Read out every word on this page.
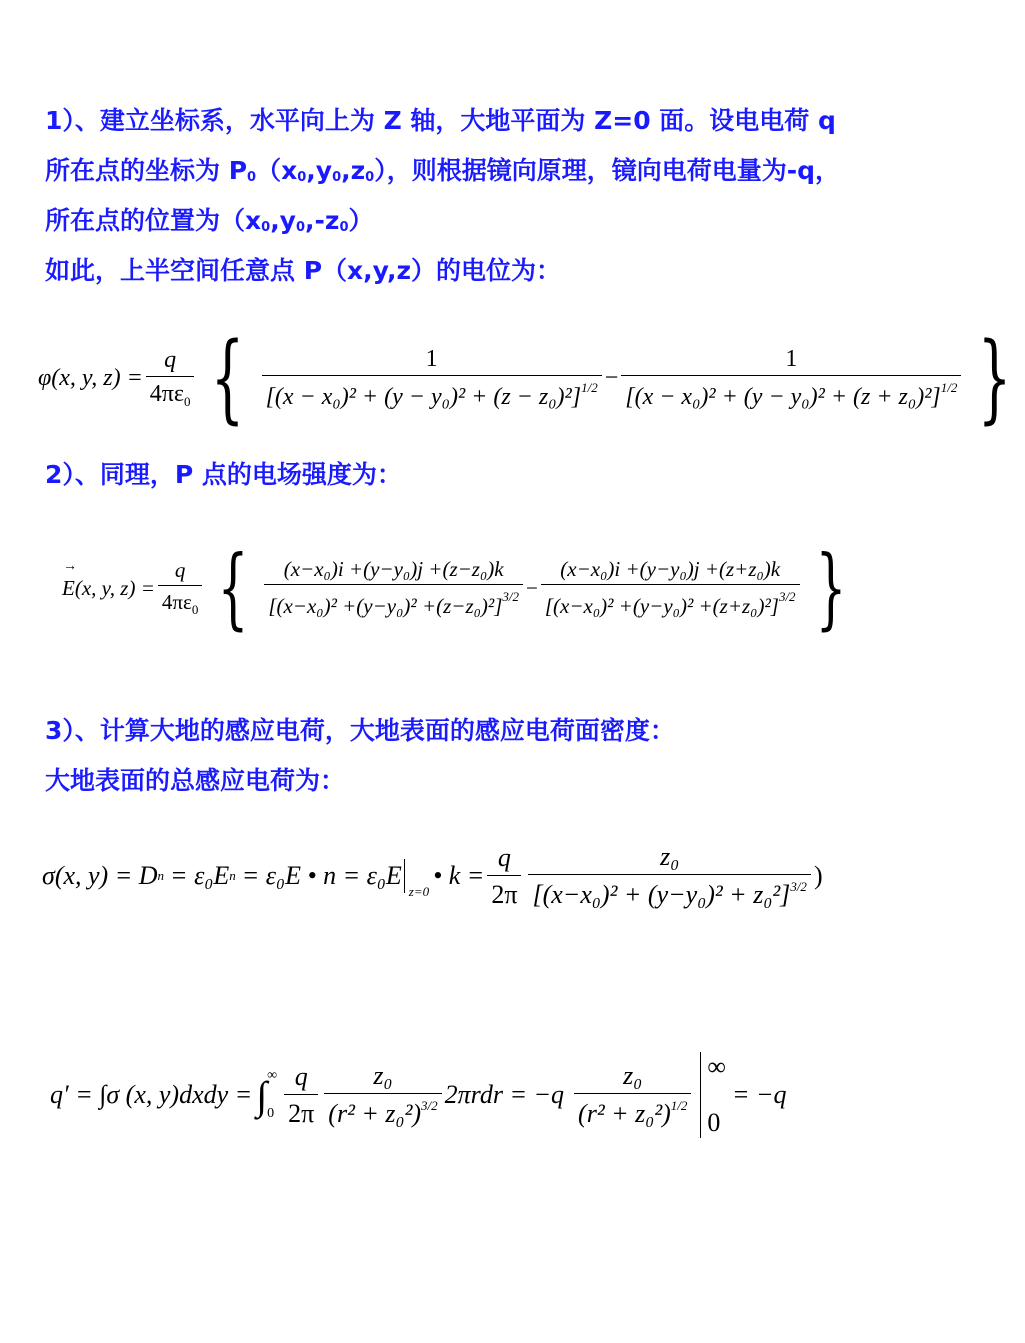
1）、建立坐标系，水平向上为 Z 轴，大地平面为 Z=0 面。设电电荷 q
所在点的坐标为 $P_0(x_0,y_0,z_0)$，则根据镜向原理，镜向电荷电量为-q，
所在点的位置为$(x_0,y_0,-z_0)$
如此，上半空间任意点 P（x,y,z）的电位为：
φ(x, y, $z) = \frac{q}{4\pi\varepsilon_0}$ { $\frac{1}{[(x - x_0)^2 + (y - y_0)^2 + (z - z_0)^2]^{1/2}} - \frac{1}{[(x - x_0)^2 + (y - y_0)^2 + (z + z_0)^2]^{1/2}}$ }
2）、同理，P 点的电场强度为：
→ E (x, y, $z) = \frac{q}{4\pi\varepsilon_0}$ { $\frac{\text{(x−x₀)i +(y−y₀)j +(z−z₀)k}}{[(x-x_0)^2 +(y-y_0)^2 +(z-z_0)^2]^{3/2}} - \frac{\text{(x−x₀)i +(y−y₀)j +(z+z₀)k}}{[(x-x_0)^2 +(y-y_0)^2 +(z+z_0)^2]^{3/2}}$ }
3）、计算大地的感应电荷，大地表面的感应电荷面密度：
大地表面的总感应电荷为：
σ(x, y) = D n = ε₀E n = ε₀E • n = ε₀E
$_{z=0}$
• $k = \frac{q}{2\pi} \frac{\text{z₀}}{[(x-x_0)^2 + (y-y_0)^2 + z_0^2]^{3/2}}$ )
q′ = ∫σ (x, y)dxdy = ∫ ∞
$0 \frac{q}{2\pi} \frac{\text{z₀}}{(r^2 + z_0^2)^{3/2}} 2\pi rdr = -q \frac{\text{z₀}}{(r^2 + z_0^2)^{1/2}}$ ∞
0
= −q
